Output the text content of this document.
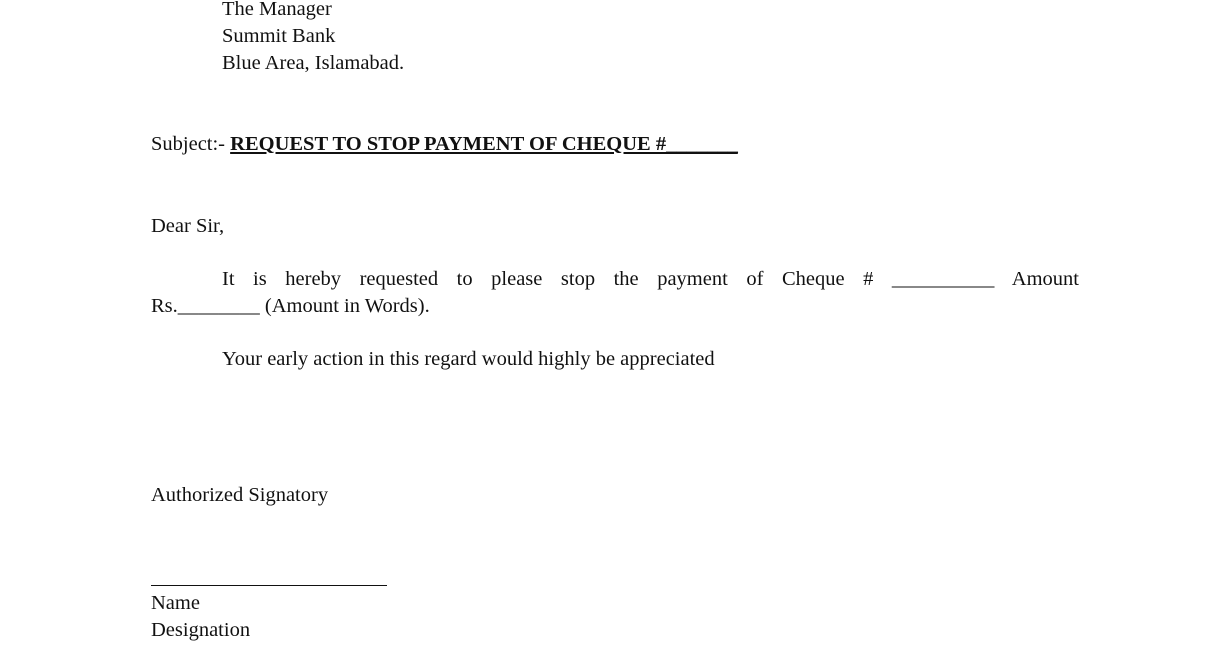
The Manager
Summit Bank
Blue Area, Islamabad.
Subject:- REQUEST TO STOP PAYMENT OF CHEQUE #_______
Dear Sir,
It is hereby requested to please stop the payment of Cheque # __________ Amount
Rs.________ (Amount in Words).
Your early action in this regard would highly be appreciated
Authorized Signatory
Name
Designation
